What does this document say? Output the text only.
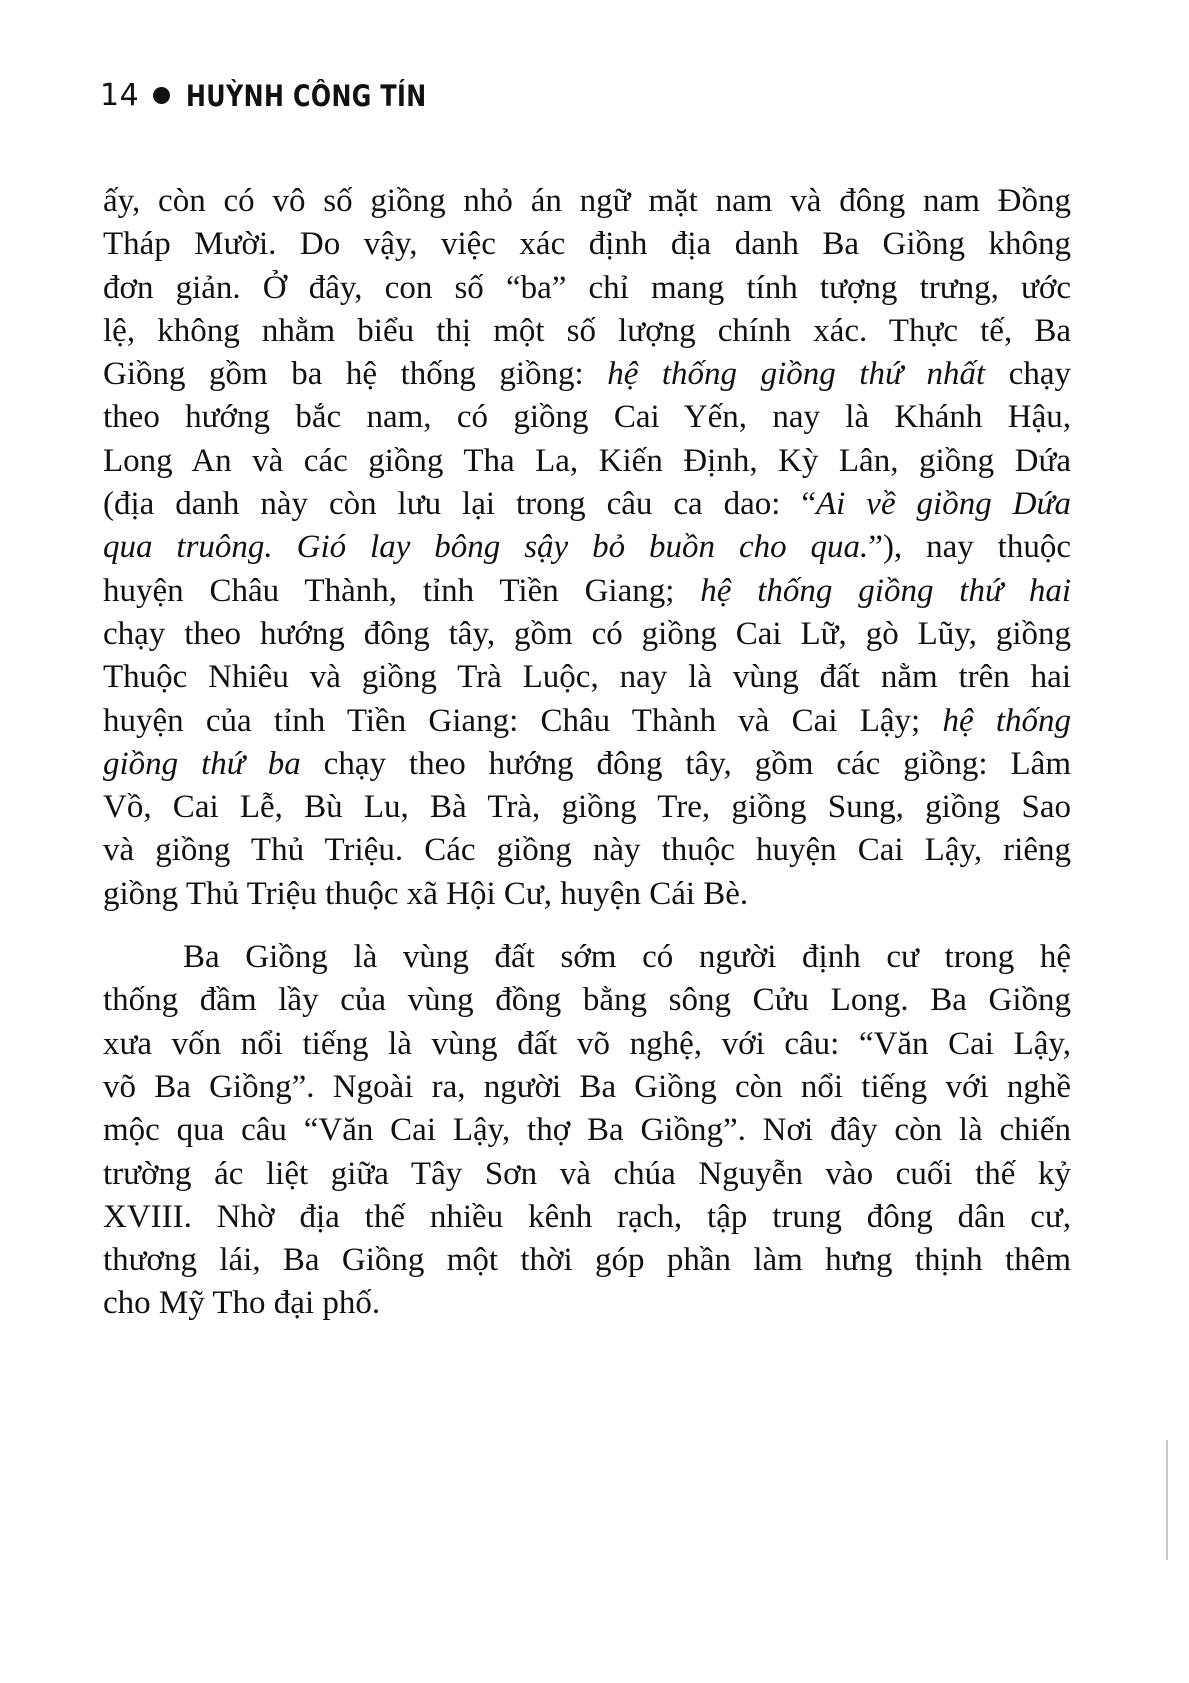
14 HUỲNH CÔNG TÍN
ấy, còn có vô số giồng nhỏ án ngữ mặt nam và đông nam Đồng
Tháp Mười. Do vậy, việc xác định địa danh Ba Giồng không
đơn giản. Ở đây, con số “ba” chỉ mang tính tượng trưng, ước
lệ, không nhằm biểu thị một số lượng chính xác. Thực tế, Ba
Giồng gồm ba hệ thống giồng: hệ thống giồng thứ nhất chạy
theo hướng bắc nam, có giồng Cai Yến, nay là Khánh Hậu,
Long An và các giồng Tha La, Kiến Định, Kỳ Lân, giồng Dứa
(địa danh này còn lưu lại trong câu ca dao: “Ai về giồng Dứa
qua truông. Gió lay bông sậy bỏ buồn cho qua.”), nay thuộc
huyện Châu Thành, tỉnh Tiền Giang; hệ thống giồng thứ hai
chạy theo hướng đông tây, gồm có giồng Cai Lữ, gò Lũy, giồng
Thuộc Nhiêu và giồng Trà Luộc, nay là vùng đất nằm trên hai
huyện của tỉnh Tiền Giang: Châu Thành và Cai Lậy; hệ thống
giồng thứ ba chạy theo hướng đông tây, gồm các giồng: Lâm
Vồ, Cai Lễ, Bù Lu, Bà Trà, giồng Tre, giồng Sung, giồng Sao
và giồng Thủ Triệu. Các giồng này thuộc huyện Cai Lậy, riêng
giồng Thủ Triệu thuộc xã Hội Cư, huyện Cái Bè.
Ba Giồng là vùng đất sớm có người định cư trong hệ
thống đầm lầy của vùng đồng bằng sông Cửu Long. Ba Giồng
xưa vốn nổi tiếng là vùng đất võ nghệ, với câu: “Văn Cai Lậy,
võ Ba Giồng”. Ngoài ra, người Ba Giồng còn nổi tiếng với nghề
mộc qua câu “Văn Cai Lậy, thợ Ba Giồng”. Nơi đây còn là chiến
trường ác liệt giữa Tây Sơn và chúa Nguyễn vào cuối thế kỷ
XVIII. Nhờ địa thế nhiều kênh rạch, tập trung đông dân cư,
thương lái, Ba Giồng một thời góp phần làm hưng thịnh thêm
cho Mỹ Tho đại phố.
